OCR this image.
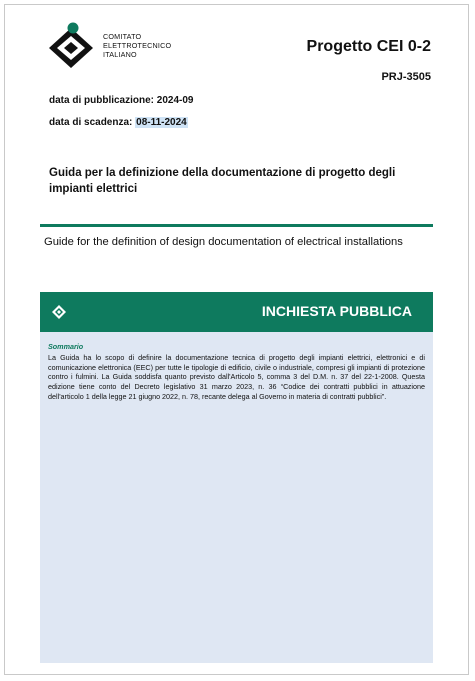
COMITATO
ELETTROTECNICO
ITALIANO	Progetto CEI 0-2
PRJ-3505
data di pubblicazione: 2024-09
data di scadenza: 08-11-2024
Guida per la definizione della documentazione di progetto degli impianti elettrici
Guide for the definition of design documentation of electrical installations
INCHIESTA PUBBLICA
Sommario
La Guida ha lo scopo di definire la documentazione tecnica di progetto degli impianti elettrici, elettronici e di comunicazione elettronica (EEC) per tutte le tipologie di edificio, civile o industriale, compresi gli impianti di protezione contro i fulmini. La Guida soddisfa quanto previsto dall'Articolo 5, comma 3 del D.M. n. 37 del 22-1-2008. Questa edizione tiene conto del Decreto legislativo 31 marzo 2023, n. 36 “Codice dei contratti pubblici in attuazione dell'articolo 1 della legge 21 giugno 2022, n. 78, recante delega al Governo in materia di contratti pubblici”.
